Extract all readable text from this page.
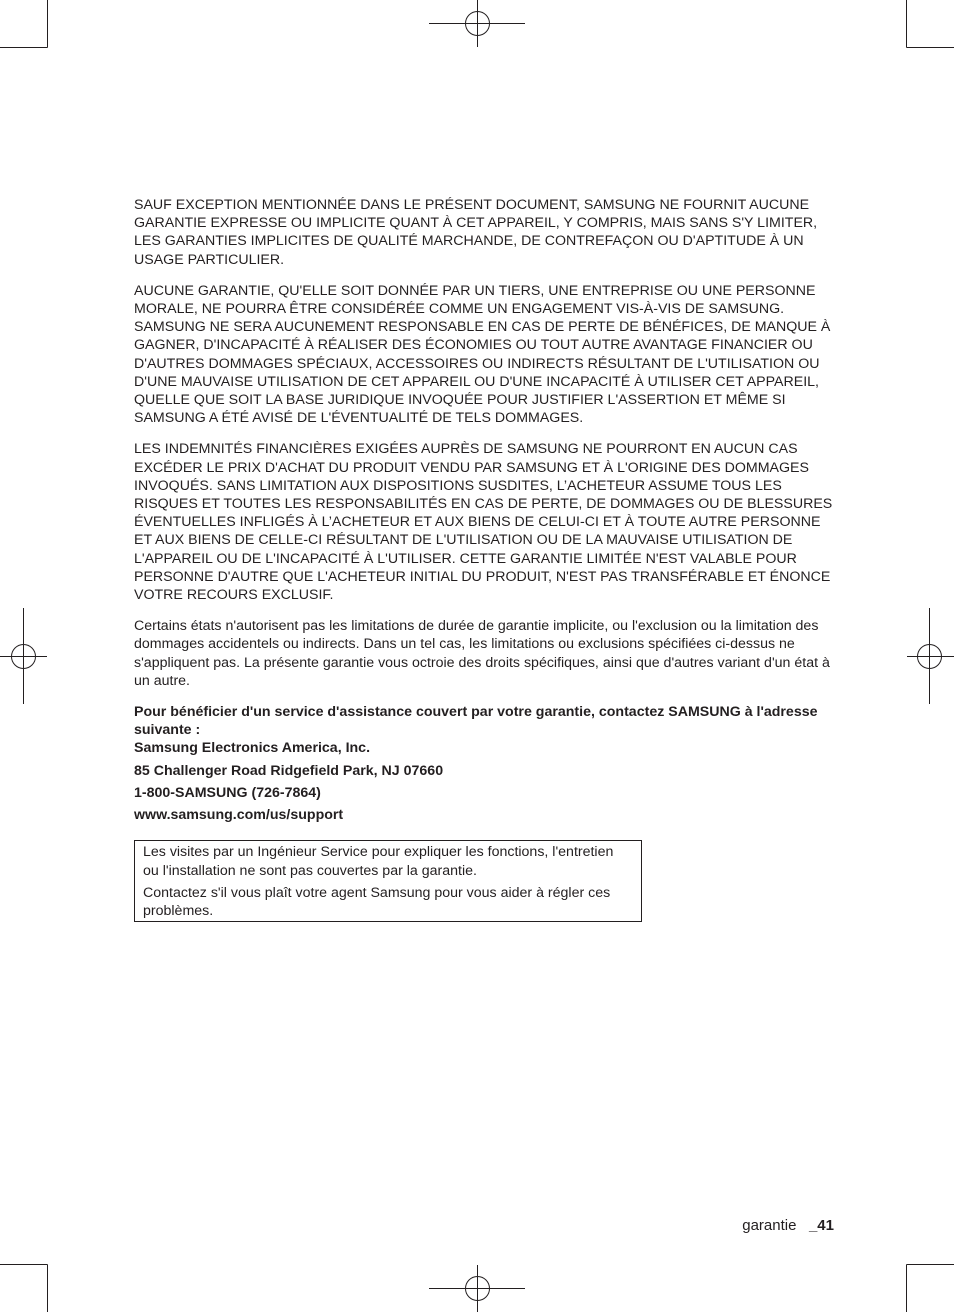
SAUF EXCEPTION MENTIONNÉE DANS LE PRÉSENT DOCUMENT, SAMSUNG NE FOURNIT AUCUNE GARANTIE EXPRESSE OU IMPLICITE QUANT À CET APPAREIL, Y COMPRIS, MAIS SANS S'Y LIMITER, LES GARANTIES IMPLICITES DE QUALITÉ MARCHANDE, DE CONTREFAÇON OU D'APTITUDE À UN USAGE PARTICULIER.

AUCUNE GARANTIE, QU'ELLE SOIT DONNÉE PAR UN TIERS, UNE ENTREPRISE OU UNE PERSONNE MORALE, NE POURRA ÊTRE CONSIDÉRÉE COMME UN ENGAGEMENT VIS-À-VIS DE SAMSUNG. SAMSUNG NE SERA AUCUNEMENT RESPONSABLE EN CAS DE PERTE DE BÉNÉFICES, DE MANQUE À GAGNER, D'INCAPACITÉ À RÉALISER DES ÉCONOMIES OU TOUT AUTRE AVANTAGE FINANCIER OU D'AUTRES DOMMAGES SPÉCIAUX, ACCESSOIRES OU INDIRECTS RÉSULTANT DE L'UTILISATION OU D'UNE MAUVAISE UTILISATION DE CET APPAREIL OU D'UNE INCAPACITÉ À UTILISER CET APPAREIL, QUELLE QUE SOIT LA BASE JURIDIQUE INVOQUÉE POUR JUSTIFIER L'ASSERTION ET MÊME SI SAMSUNG A ÉTÉ AVISÉ DE L'ÉVENTUALITÉ DE TELS DOMMAGES.

LES INDEMNITÉS FINANCIÈRES EXIGÉES AUPRÈS DE SAMSUNG NE POURRONT EN AUCUN CAS EXCÉDER LE PRIX D'ACHAT DU PRODUIT VENDU PAR SAMSUNG ET À L'ORIGINE DES DOMMAGES INVOQUÉS. SANS LIMITATION AUX DISPOSITIONS SUSDITES, L’ACHETEUR ASSUME TOUS LES RISQUES ET TOUTES LES RESPONSABILITÉS EN CAS DE PERTE, DE DOMMAGES OU DE BLESSURES ÉVENTUELLES INFLIGÉS À L’ACHETEUR ET AUX BIENS DE CELUI-CI ET À TOUTE AUTRE PERSONNE ET AUX BIENS DE CELLE-CI RÉSULTANT DE L'UTILISATION OU DE LA MAUVAISE UTILISATION DE L'APPAREIL OU DE L'INCAPACITÉ À L'UTILISER. CETTE GARANTIE LIMITÉE N'EST VALABLE POUR PERSONNE D'AUTRE QUE L'ACHETEUR INITIAL DU PRODUIT, N'EST PAS TRANSFÉRABLE ET ÉNONCE VOTRE RECOURS EXCLUSIF.

Certains états n'autorisent pas les limitations de durée de garantie implicite, ou l'exclusion ou la limitation des dommages accidentels ou indirects. Dans un tel cas, les limitations ou exclusions spécifiées ci-dessus ne s'appliquent pas. La présente garantie vous octroie des droits spécifiques, ainsi que d'autres variant d'un état à un autre.

Pour bénéficier d'un service d'assistance couvert par votre garantie, contactez SAMSUNG à l'adresse suivante :

Samsung Electronics America, Inc.

85 Challenger Road Ridgefield Park, NJ 07660

1-800-SAMSUNG (726-7864)

www.samsung.com/us/support

Les visites par un Ingénieur Service pour expliquer les fonctions, l'entretien ou l'installation ne sont pas couvertes par la garantie.

Contactez s'il vous plaît votre agent Samsung pour vous aider à régler ces problèmes.

garantie   _41
